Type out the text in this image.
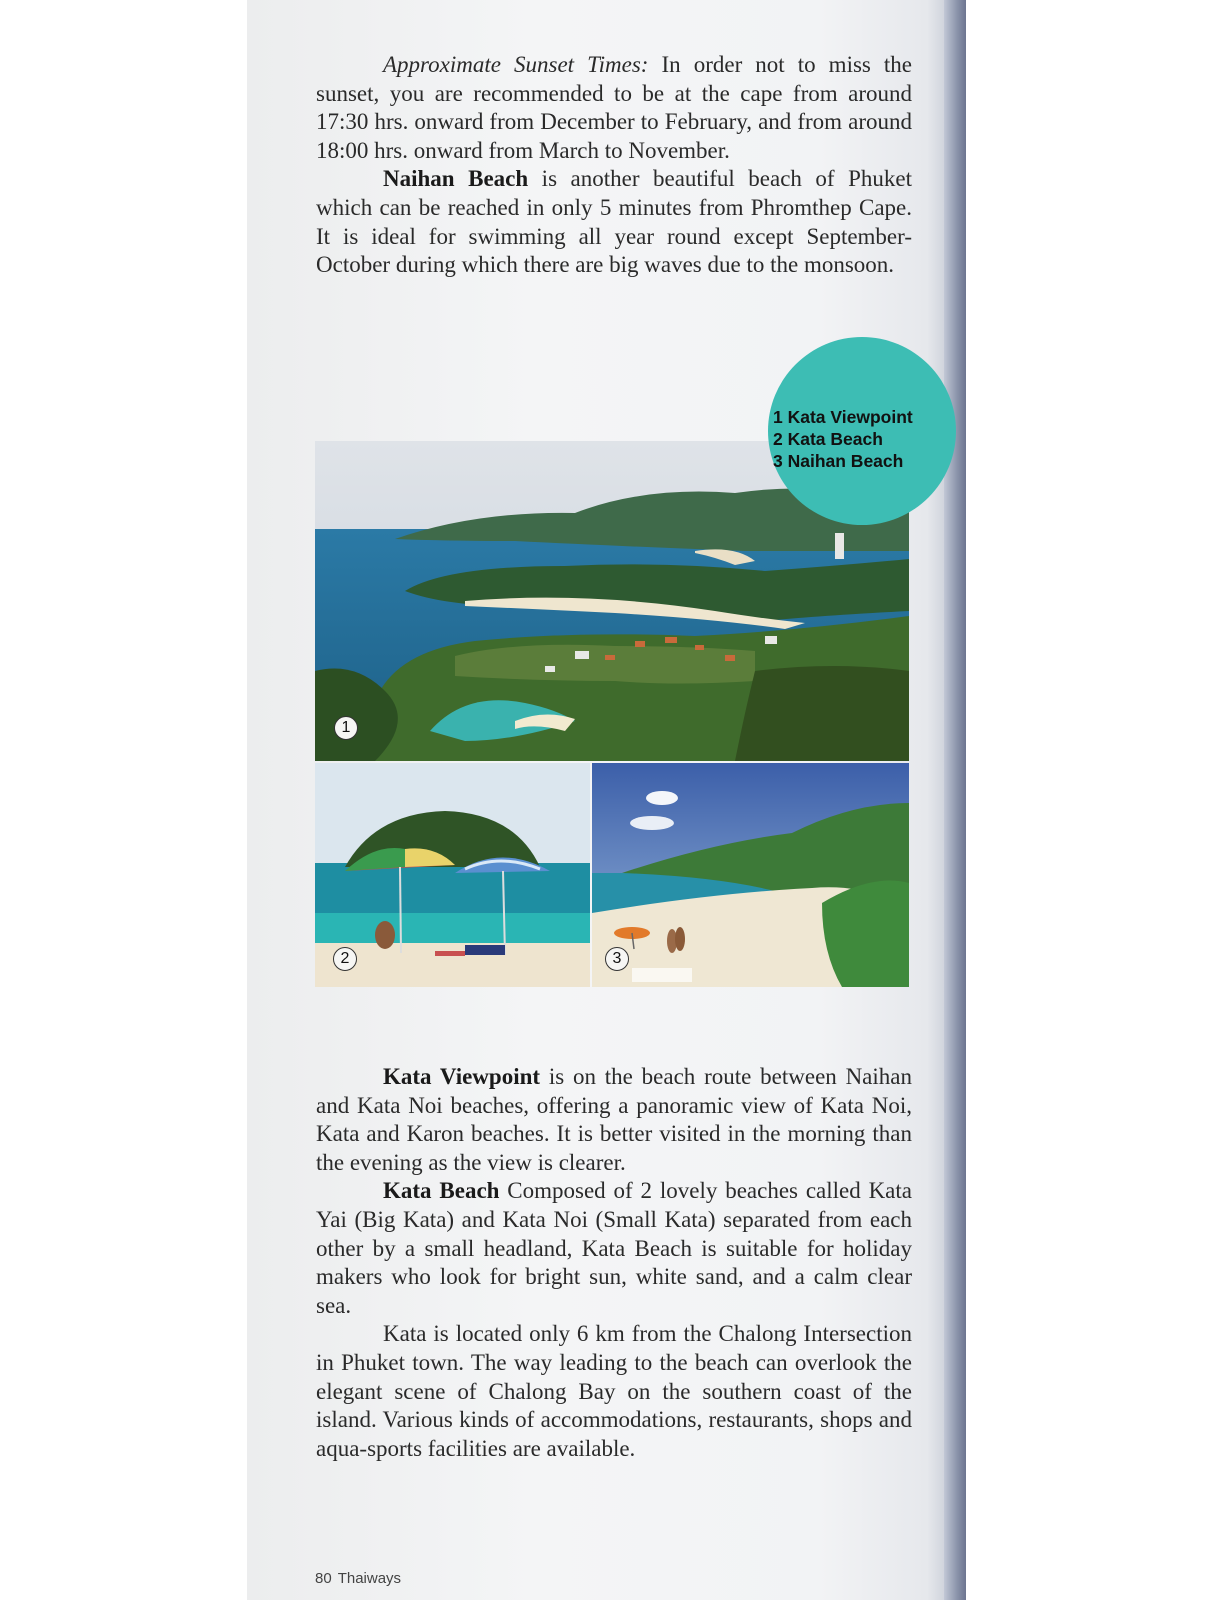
Approximate Sunset Times: In order not to miss the sunset, you are recommended to be at the cape from around 17:30 hrs. onward from December to February, and from around 18:00 hrs. onward from March to November.

Naihan Beach is another beautiful beach of Phuket which can be reached in only 5 minutes from Phromthep Cape. It is ideal for swimming all year round except September-October during which there are big waves due to the monsoon.

1
2	3
1 Kata Viewpoint
2 Kata Beach
3 Naihan Beach

Kata Viewpoint is on the beach route between Naihan and Kata Noi beaches, offering a panoramic view of Kata Noi, Kata and Karon beaches. It is better visited in the morning than the evening as the view is clearer.

Kata Beach Composed of 2 lovely beaches called Kata Yai (Big Kata) and Kata Noi (Small Kata) separated from each other by a small headland, Kata Beach is suitable for holiday makers who look for bright sun, white sand, and a calm clear sea.

Kata is located only 6 km from the Chalong Intersection in Phuket town. The way leading to the beach can overlook the elegant scene of Chalong Bay on the southern coast of the island. Various kinds of accommodations, restaurants, shops and aqua-sports facilities are available.

80 Thaiways
